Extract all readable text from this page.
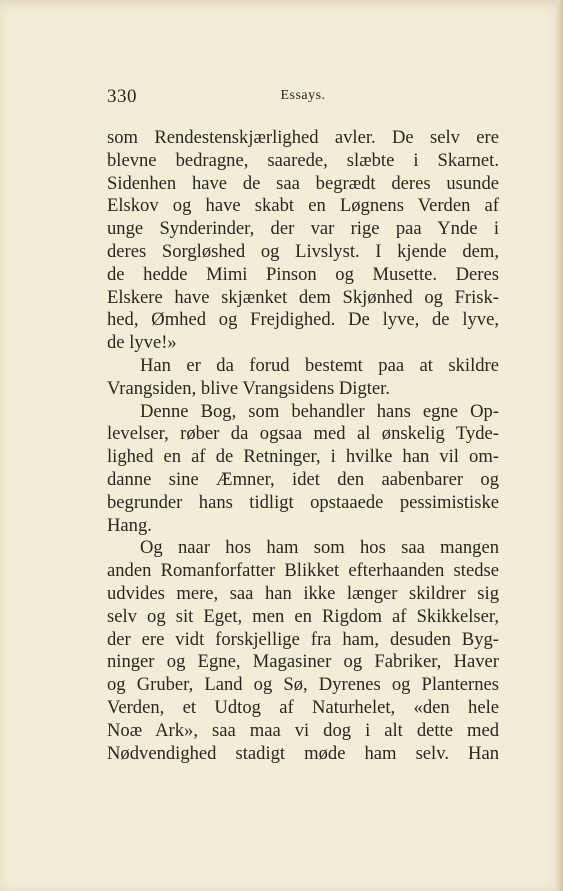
330	Essays.
som Rendestenskjærlighed avler. De selv ere
blevne bedragne, saarede, slæbte i Skarnet.
Sidenhen have de saa begrædt deres usunde
Elskov og have skabt en Løgnens Verden af
unge Synderinder, der var rige paa Ynde i
deres Sorgløshed og Livslyst. I kjende dem,
de hedde Mimi Pinson og Musette. Deres
Elskere have skjænket dem Skjønhed og Frisk-
hed, Ømhed og Frejdighed. De lyve, de lyve,
de lyve!»
Han er da forud bestemt paa at skildre
Vrangsiden, blive Vrangsidens Digter.
Denne Bog, som behandler hans egne Op-
levelser, røber da ogsaa med al ønskelig Tyde-
lighed en af de Retninger, i hvilke han vil om-
danne sine Æmner, idet den aabenbarer og
begrunder hans tidligt opstaaede pessimistiske
Hang.
Og naar hos ham som hos saa mangen
anden Romanforfatter Blikket efterhaanden stedse
udvides mere, saa han ikke længer skildrer sig
selv og sit Eget, men en Rigdom af Skikkelser,
der ere vidt forskjellige fra ham, desuden Byg-
ninger og Egne, Magasiner og Fabriker, Haver
og Gruber, Land og Sø, Dyrenes og Planternes
Verden, et Udtog af Naturhelet, «den hele
Noæ Ark», saa maa vi dog i alt dette med
Nødvendighed stadigt møde ham selv. Han
